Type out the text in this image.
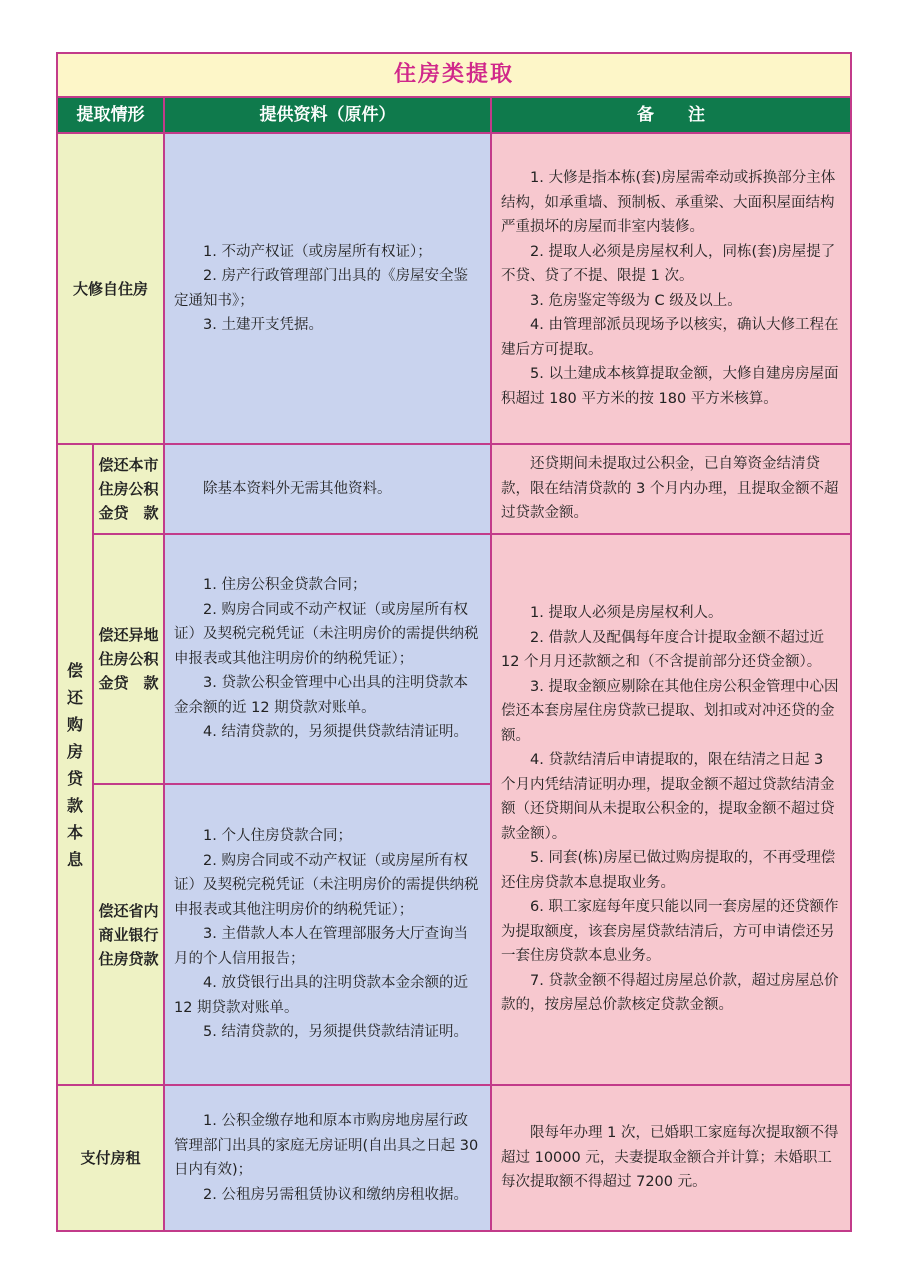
住房类提取
提取情形	提供资料（原件）	备　　注
大修自住房

1. 不动产权证（或房屋所有权证）；

2. 房产行政管理部门出具的《房屋安全鉴定通知书》；

3. 土建开支凭据。

1. 大修是指本栋(套)房屋需牵动或拆换部分主体结构，如承重墙、预制板、承重梁、大面积屋面结构严重损坏的房屋而非室内装修。

2. 提取人必须是房屋权利人，同栋(套)房屋提了不贷、贷了不提、限提 1 次。

3. 危房鉴定等级为 C 级及以上。

4. 由管理部派员现场予以核实，确认大修工程在建后方可提取。

5. 以土建成本核算提取金额，大修自建房房屋面积超过 180 平方米的按 180 平方米核算。

偿还购房贷款本息
偿还本市住房公积金贷　款

除基本资料外无需其他资料。

还贷期间未提取过公积金，已自筹资金结清贷款，限在结清贷款的 3 个月内办理，且提取金额不超过贷款金额。

偿还异地住房公积金贷　款

1. 住房公积金贷款合同；

2. 购房合同或不动产权证（或房屋所有权证）及契税完税凭证（未注明房价的需提供纳税申报表或其他注明房价的纳税凭证）；

3. 贷款公积金管理中心出具的注明贷款本金余额的近 12 期贷款对账单。

4. 结清贷款的，另须提供贷款结清证明。

偿还省内商业银行住房贷款

1. 个人住房贷款合同；

2. 购房合同或不动产权证（或房屋所有权证）及契税完税凭证（未注明房价的需提供纳税申报表或其他注明房价的纳税凭证）；

3. 主借款人本人在管理部服务大厅查询当月的个人信用报告；

4. 放贷银行出具的注明贷款本金余额的近 12 期贷款对账单。

5. 结清贷款的，另须提供贷款结清证明。

1. 提取人必须是房屋权利人。

2. 借款人及配偶每年度合计提取金额不超过近 12 个月月还款额之和（不含提前部分还贷金额）。

3. 提取金额应剔除在其他住房公积金管理中心因偿还本套房屋住房贷款已提取、划扣或对冲还贷的金额。

4. 贷款结清后申请提取的，限在结清之日起 3 个月内凭结清证明办理，提取金额不超过贷款结清金额（还贷期间从未提取公积金的，提取金额不超过贷款金额）。

5. 同套(栋)房屋已做过购房提取的，不再受理偿还住房贷款本息提取业务。

6. 职工家庭每年度只能以同一套房屋的还贷额作为提取额度，该套房屋贷款结清后，方可申请偿还另一套住房贷款本息业务。

7. 贷款金额不得超过房屋总价款，超过房屋总价款的，按房屋总价款核定贷款金额。

支付房租

1. 公积金缴存地和原本市购房地房屋行政管理部门出具的家庭无房证明(自出具之日起 30 日内有效)；

2. 公租房另需租赁协议和缴纳房租收据。

限每年办理 1 次，已婚职工家庭每次提取额不得超过 10000 元，夫妻提取金额合并计算；未婚职工每次提取额不得超过 7200 元。
